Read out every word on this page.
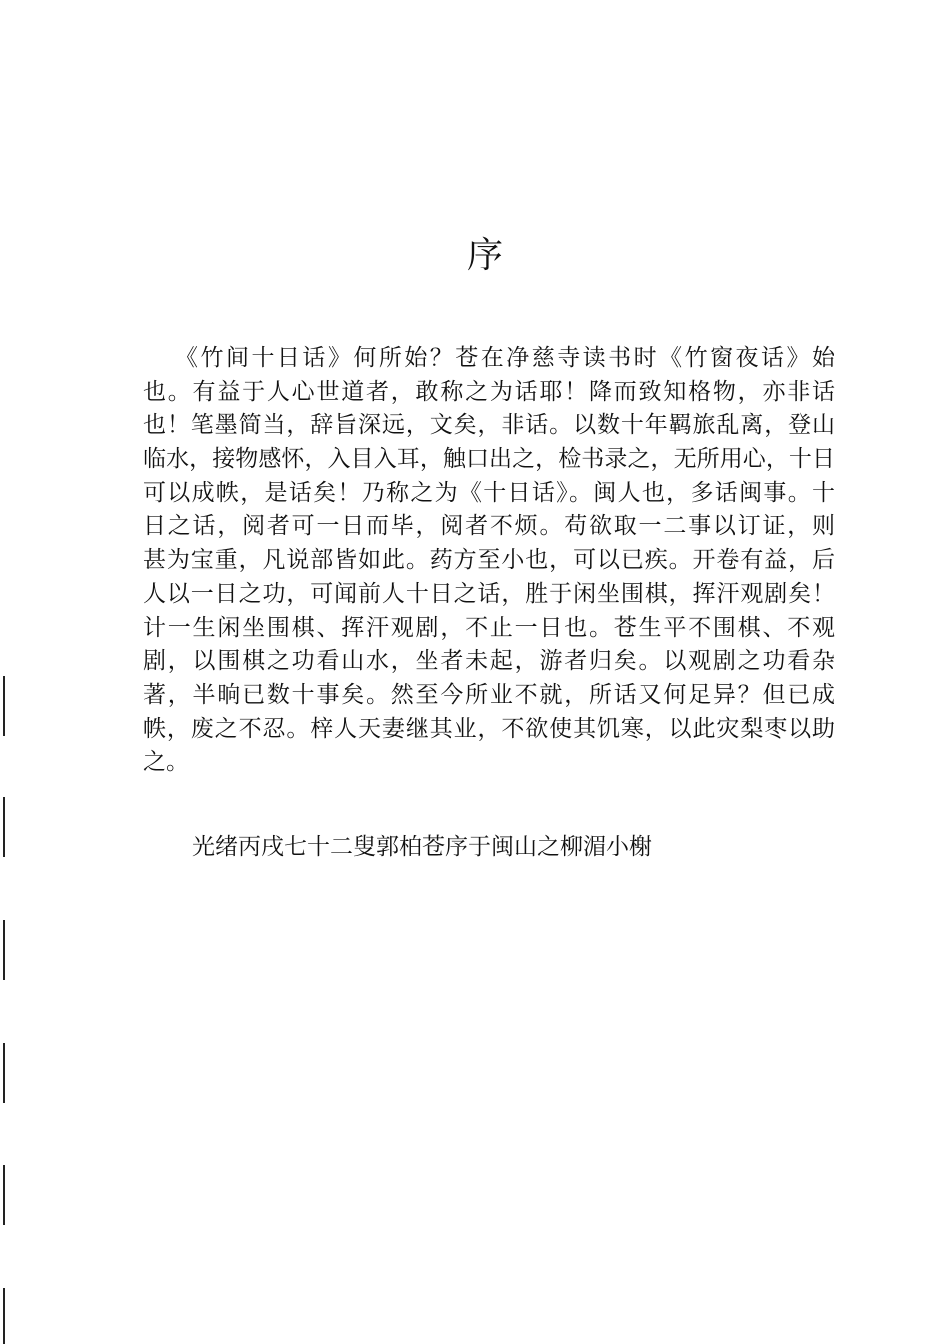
序
《竹间十日话》何所始？苍在净慈寺读书时《竹窗夜话》始
也。有益于人心世道者，敢称之为话耶！降而致知格物，亦非话
也！笔墨简当，辞旨深远，文矣，非话。以数十年羁旅乱离，登山
临水，接物感怀，入目入耳，触口出之，检书录之，无所用心，十日
可以成帙，是话矣！乃称之为《十日话》。闽人也，多话闽事。十
日之话，阅者可一日而毕，阅者不烦。苟欲取一二事以订证，则
甚为宝重，凡说部皆如此。药方至小也，可以已疾。开卷有益，后
人以一日之功，可闻前人十日之话，胜于闲坐围棋，挥汗观剧矣！
计一生闲坐围棋、挥汗观剧，不止一日也。苍生平不围棋、不观
剧，以围棋之功看山水，坐者未起，游者归矣。以观剧之功看杂
著，半晌已数十事矣。然至今所业不就，所话又何足异？但已成
帙，废之不忍。梓人天妻继其业，不欲使其饥寒，以此灾梨枣以助
之。
光绪丙戌七十二叟郭柏苍序于闽山之柳湄小榭
